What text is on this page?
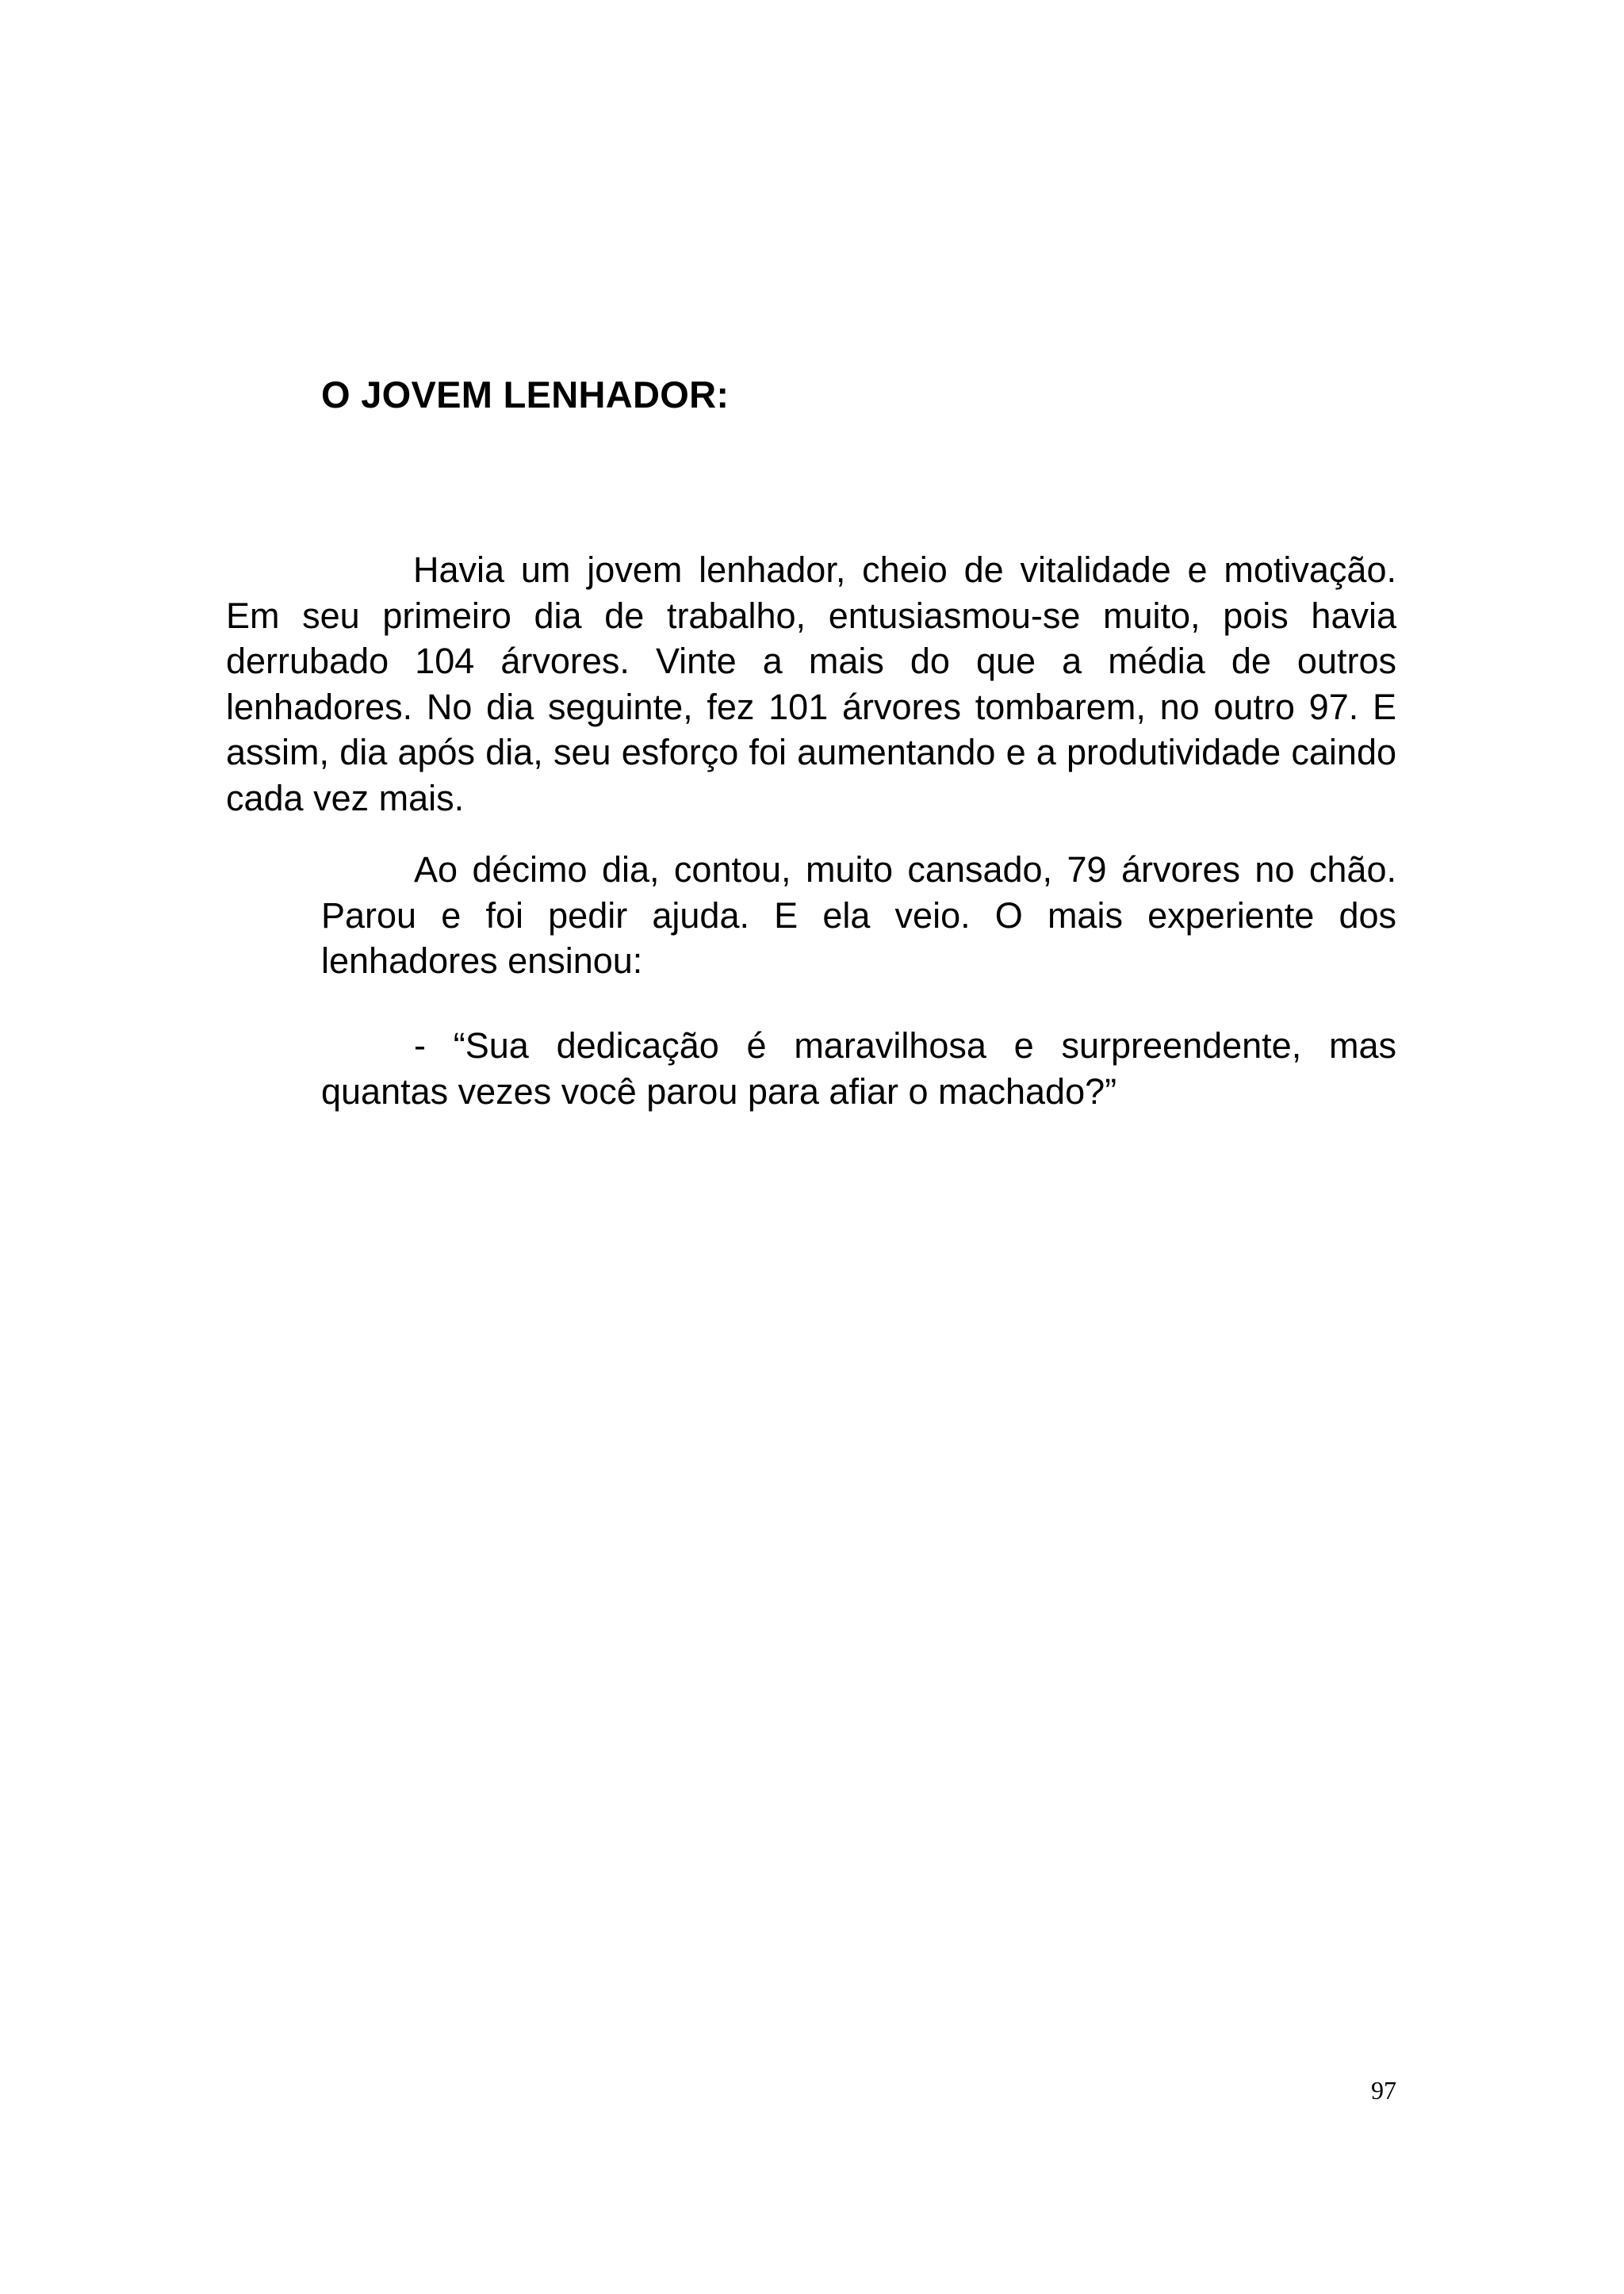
O JOVEM LENHADOR:

Havia um jovem lenhador, cheio de vitalidade e motivação. Em seu primeiro dia de trabalho, entusiasmou-se muito, pois havia derrubado 104 árvores. Vinte a mais do que a média de outros lenhadores. No dia seguinte, fez 101 árvores tombarem, no outro 97. E assim, dia após dia, seu esforço foi aumentando e a produtividade caindo cada vez mais.

Ao décimo dia, contou, muito cansado, 79 árvores no chão. Parou e foi pedir ajuda. E ela veio. O mais experiente dos lenhadores ensinou:

- “Sua dedicação é maravilhosa e surpreendente, mas quantas vezes você parou para afiar o machado?”

97
